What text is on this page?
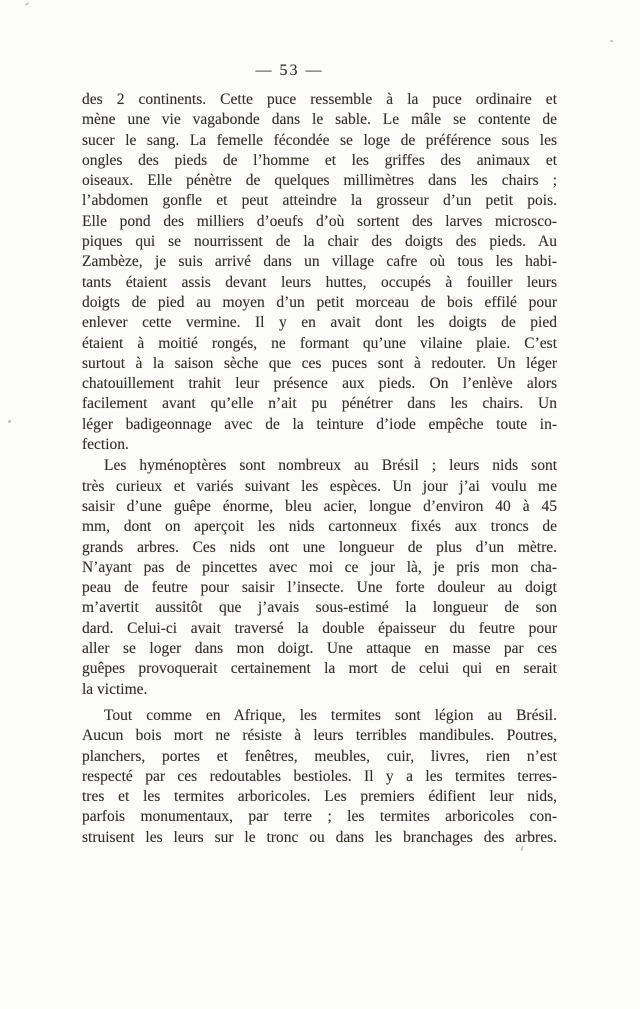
— 53 —
des 2 continents. Cette puce ressemble à la puce ordinaire et
mène une vie vagabonde dans le sable. Le mâle se contente de
sucer le sang. La femelle fécondée se loge de préférence sous les
ongles des pieds de l’homme et les griffes des animaux et
oiseaux. Elle pénètre de quelques millimètres dans les chairs ;
l’abdomen gonfle et peut atteindre la grosseur d’un petit pois.
Elle pond des milliers d’oeufs d’où sortent des larves microsco-
piques qui se nourrissent de la chair des doigts des pieds. Au
Zambèze, je suis arrivé dans un village cafre où tous les habi-
tants étaient assis devant leurs huttes, occupés à fouiller leurs
doigts de pied au moyen d’un petit morceau de bois effilé pour
enlever cette vermine. Il y en avait dont les doigts de pied
étaient à moitié rongés, ne formant qu’une vilaine plaie. C’est
surtout à la saison sèche que ces puces sont à redouter. Un léger
chatouillement trahit leur présence aux pieds. On l’enlève alors
facilement avant qu’elle n’ait pu pénétrer dans les chairs. Un
léger badigeonnage avec de la teinture d’iode empêche toute in-
fection.
Les hyménoptères sont nombreux au Brésil ; leurs nids sont
très curieux et variés suivant les espèces. Un jour j’ai voulu me
saisir d’une guêpe énorme, bleu acier, longue d’environ 40 à 45
mm, dont on aperçoit les nids cartonneux fixés aux troncs de
grands arbres. Ces nids ont une longueur de plus d’un mètre.
N’ayant pas de pincettes avec moi ce jour là, je pris mon cha-
peau de feutre pour saisir l’insecte. Une forte douleur au doigt
m’avertit aussitôt que j’avais sous-estimé la longueur de son
dard. Celui-ci avait traversé la double épaisseur du feutre pour
aller se loger dans mon doigt. Une attaque en masse par ces
guêpes provoquerait certainement la mort de celui qui en serait
la victime.
Tout comme en Afrique, les termites sont légion au Brésil.
Aucun bois mort ne résiste à leurs terribles mandibules. Poutres,
planchers, portes et fenêtres, meubles, cuir, livres, rien n’est
respecté par ces redoutables bestioles. Il y a les termites terres-
tres et les termites arboricoles. Les premiers édifient leur nids,
parfois monumentaux, par terre ; les termites arboricoles con-
struisent les leurs sur le tronc ou dans les branchages des arbres.
